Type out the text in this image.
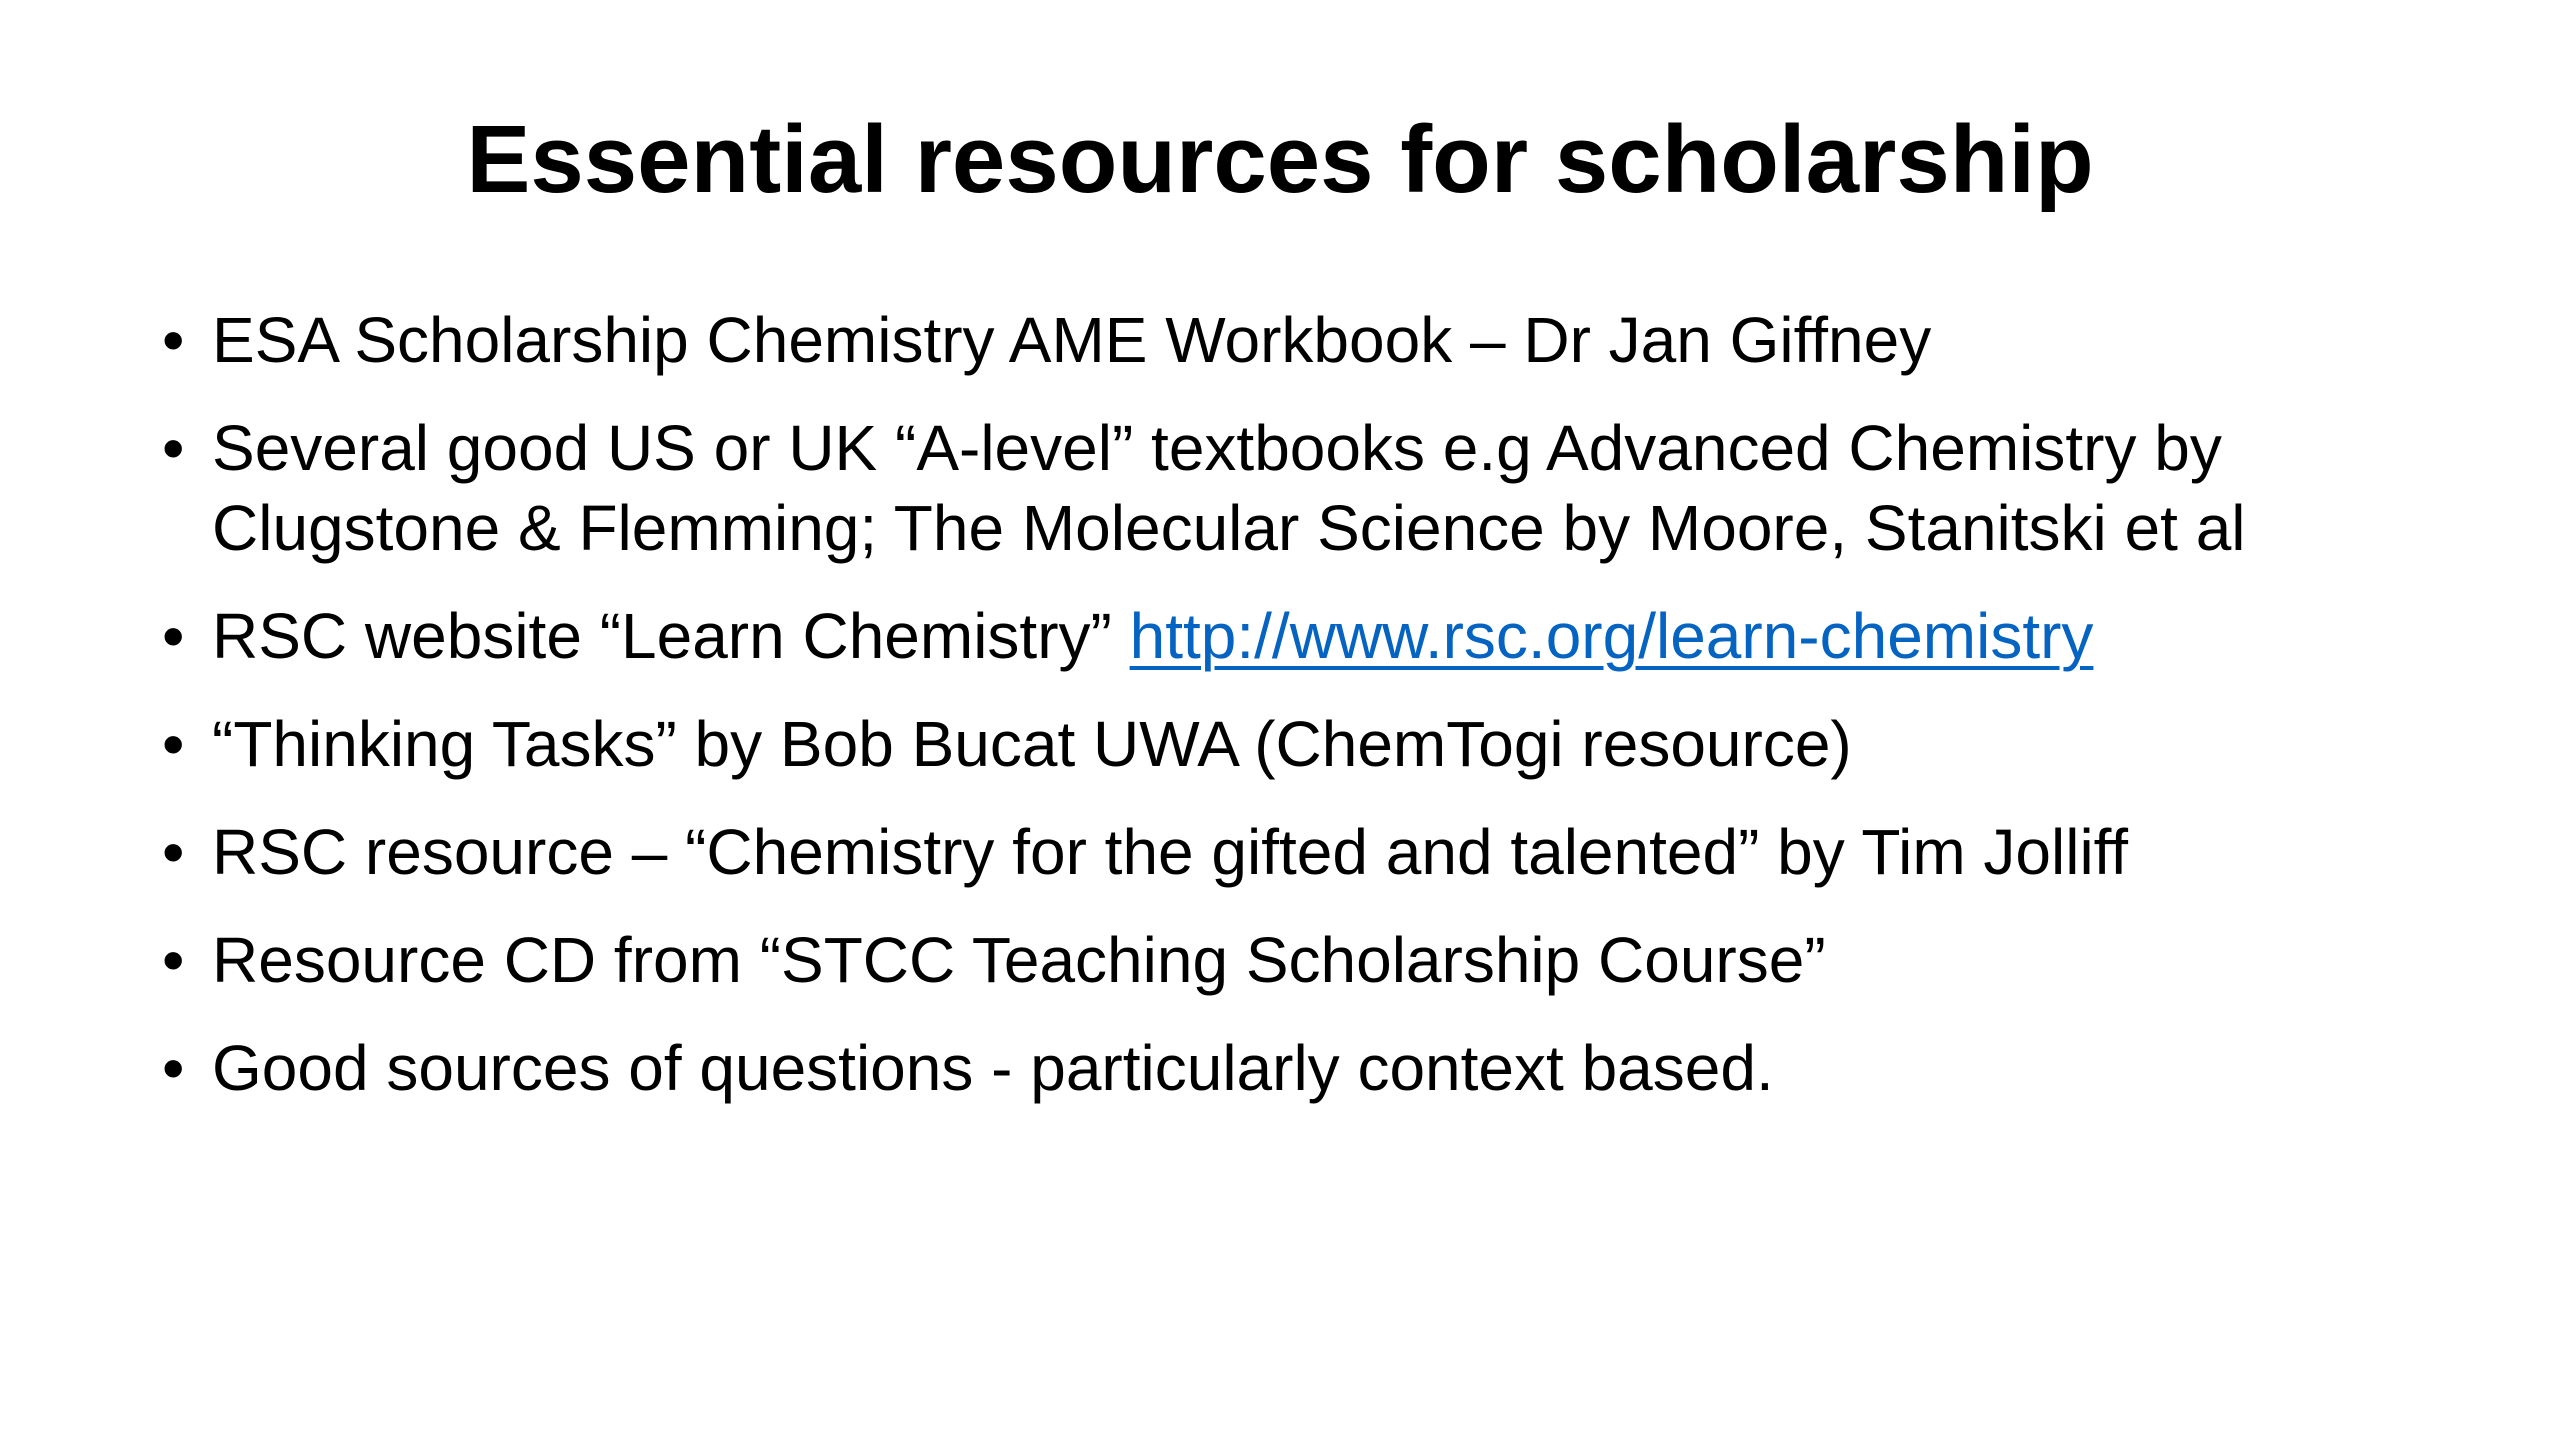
Essential resources for scholarship
• ESA Scholarship Chemistry AME Workbook – Dr Jan Giffney
• Several good US or UK “A-level” textbooks e.g Advanced Chemistry by Clugstone & Flemming; The Molecular Science by Moore, Stanitski et al
• RSC website “Learn Chemistry” http://www.rsc.org/learn-chemistry
• “Thinking Tasks” by Bob Bucat UWA (ChemTogi resource)
• RSC resource – “Chemistry for the gifted and talented” by Tim Jolliff
• Resource CD from “STCC Teaching Scholarship Course”
• Good sources of questions - particularly context based.
